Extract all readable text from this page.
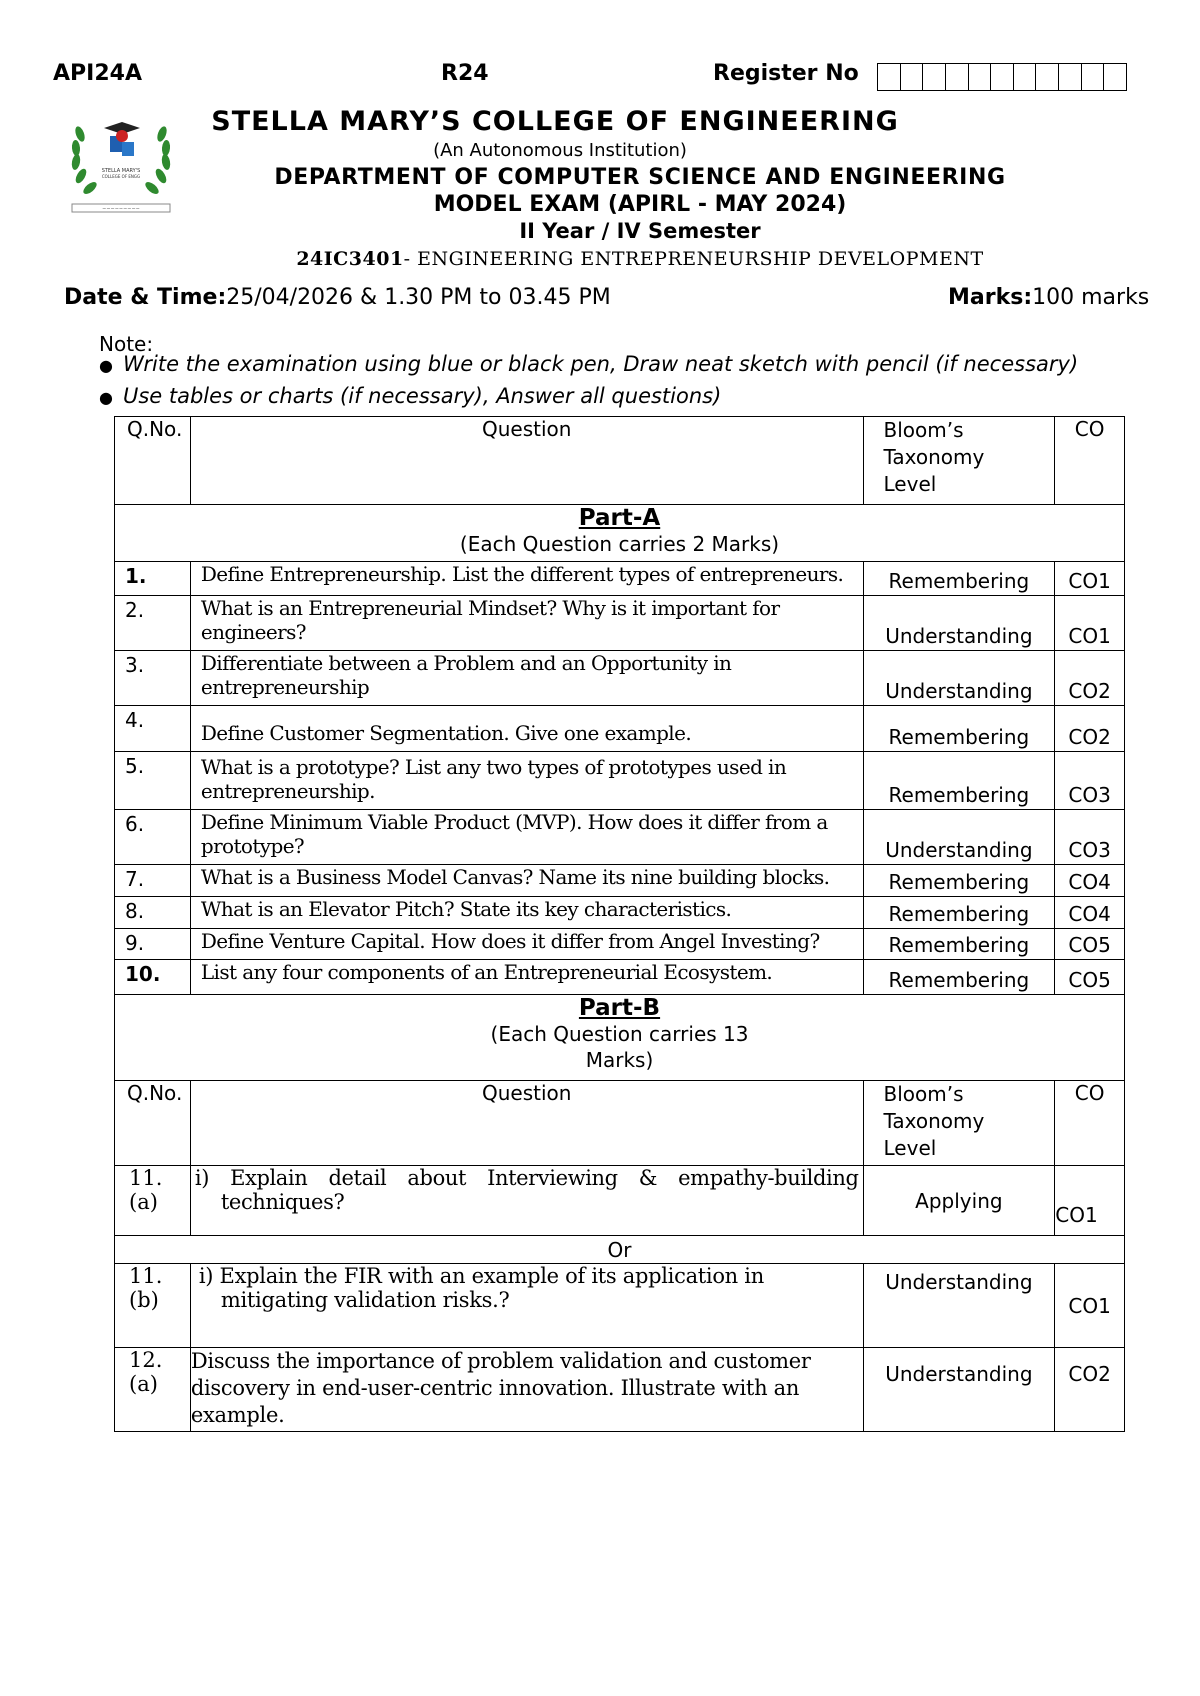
API24A	R24	Register No
STELLA MARY'S
COLLEGE OF ENGG
~~~~~~~~~
STELLA MARY’S COLLEGE OF ENGINEERING
(An Autonomous Institution)
DEPARTMENT OF COMPUTER SCIENCE AND ENGINEERING
MODEL EXAM (APIRL - MAY 2024)
II Year / IV Semester
24IC3401- ENGINEERING ENTREPRENEURSHIP DEVELOPMENT
Date & Time:25/04/2026 & 1.30 PM to 03.45 PM	Marks:100 marks
Note:
● Write the examination using blue or black pen, Draw neat sketch with pencil (if necessary)
● Use tables or charts (if necessary), Answer all questions)
Q.No.	Question	Bloom’s
Taxonomy
Level	CO

Part-A
(Each Question carries 2 Marks)			

1.	Define Entrepreneurship. List the different types of entrepreneurs.	Remembering	CO1
2.	What is an Entrepreneurial Mindset? Why is it important for engineers?	Understanding	CO1
3.	Differentiate between a Problem and an Opportunity in entrepreneurship	Understanding	CO2
4.	Define Customer Segmentation. Give one example.	Remembering	CO2
5.	What is a prototype? List any two types of prototypes used in entrepreneurship.	Remembering	CO3
6.	Define Minimum Viable Product (MVP). How does it differ from a prototype?	Understanding	CO3
7.	What is a Business Model Canvas? Name its nine building blocks.	Remembering	CO4
8.	What is an Elevator Pitch? State its key characteristics.	Remembering	CO4
9.	Define Venture Capital. How does it differ from Angel Investing?	Remembering	CO5
10.	List any four components of an Entrepreneurial Ecosystem.	Remembering	CO5

Part-B
(Each Question carries 13
Marks)			

Q.No.	Question	Bloom’s
Taxonomy
Level	CO
11.(a)	i) Explain detail about Interviewing & empathy-building
techniques?	Applying	CO1
Or			
11.(b)	i) Explain the FIR with an example of its application in
mitigating validation risks.?	Understanding	CO1
12.(a)	Discuss the importance of problem validation and customer
discovery in end-user-centric innovation. Illustrate with an
example.	Understanding	CO2
